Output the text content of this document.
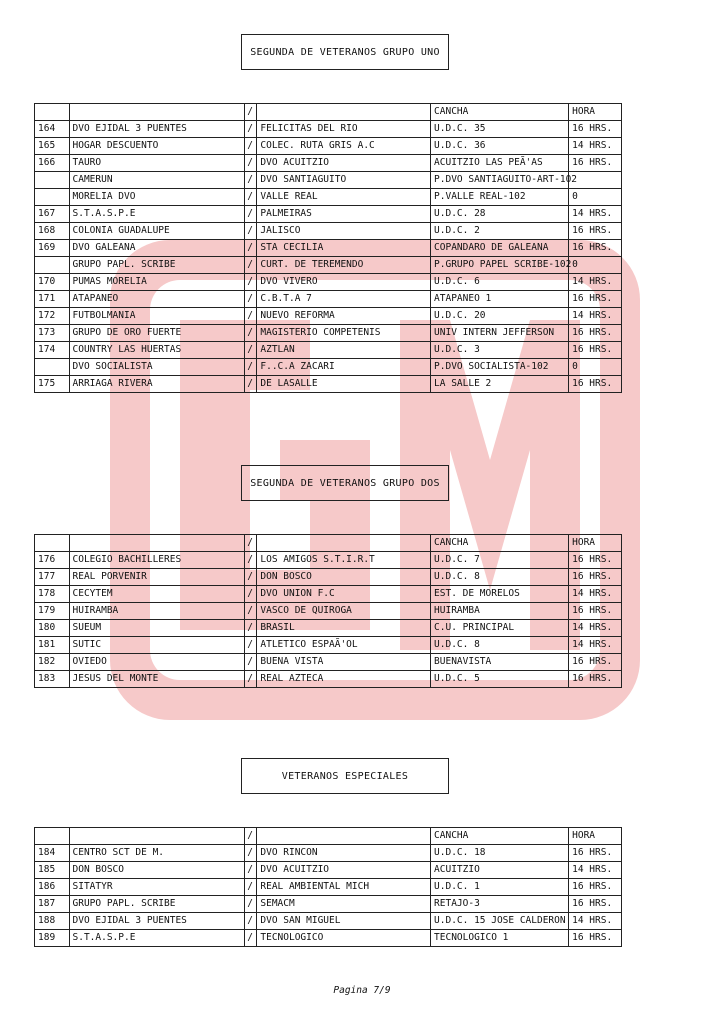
SEGUNDA DE VETERANOS GRUPO UNO
		/		CANCHA	HORA
164	DVO EJIDAL 3 PUENTES	/	FELICITAS DEL RIO	U.D.C. 35	16 HRS.
165	HOGAR DESCUENTO	/	COLEC. RUTA GRIS A.C	U.D.C. 36	14 HRS.
166	TAURO	/	DVO ACUITZIO	ACUITZIO LAS PEÃ'AS	16 HRS.
	CAMERUN	/	DVO SANTIAGUITO	P.DVO SANTIAGUITO-ART-102	
	MORELIA DVO	/	VALLE REAL	P.VALLE REAL-102	0
167	S.T.A.S.P.E	/	PALMEIRAS	U.D.C. 28	14 HRS.
168	COLONIA GUADALUPE	/	JALISCO	U.D.C. 2	16 HRS.
169	DVO GALEANA	/	STA CECILIA	COPANDARO DE GALEANA	16 HRS.
	GRUPO PAPL. SCRIBE	/	CURT. DE TEREMENDO	P.GRUPO PAPEL SCRIBE-102	0
170	PUMAS MORELIA	/	DVO VIVERO	U.D.C. 6	14 HRS.
171	ATAPANEO	/	C.B.T.A 7	ATAPANEO 1	16 HRS.
172	FUTBOLMANIA	/	NUEVO REFORMA	U.D.C. 20	14 HRS.
173	GRUPO DE ORO FUERTE	/	MAGISTERIO COMPETENIS	UNIV INTERN JEFFERSON	16 HRS.
174	COUNTRY LAS HUERTAS	/	AZTLAN	U.D.C. 3	16 HRS.
	DVO SOCIALISTA	/	F..C.A ZACARI	P.DVO SOCIALISTA-102	0
175	ARRIAGA RIVERA	/	DE LASALLE	LA SALLE 2	16 HRS.
SEGUNDA DE VETERANOS GRUPO DOS
		/		CANCHA	HORA
176	COLEGIO BACHILLERES	/	LOS AMIGOS S.T.I.R.T	U.D.C. 7	16 HRS.
177	REAL PORVENIR	/	DON BOSCO	U.D.C. 8	16 HRS.
178	CECYTEM	/	DVO UNION F.C	EST. DE MORELOS	14 HRS.
179	HUIRAMBA	/	VASCO DE QUIROGA	HUIRAMBA	16 HRS.
180	SUEUM	/	BRASIL	C.U. PRINCIPAL	14 HRS.
181	SUTIC	/	ATLETICO ESPAÃ'OL	U.D.C. 8	14 HRS.
182	OVIEDO	/	BUENA VISTA	BUENAVISTA	16 HRS.
183	JESUS DEL MONTE	/	REAL AZTECA	U.D.C. 5	16 HRS.
VETERANOS ESPECIALES
		/		CANCHA	HORA
184	CENTRO SCT DE M.	/	DVO RINCON	U.D.C. 18	16 HRS.
185	DON BOSCO	/	DVO ACUITZIO	ACUITZIO	14 HRS.
186	SITATYR	/	REAL AMBIENTAL MICH	U.D.C. 1	16 HRS.
187	GRUPO PAPL. SCRIBE	/	SEMACM	RETAJO-3	16 HRS.
188	DVO EJIDAL 3 PUENTES	/	DVO SAN MIGUEL	U.D.C. 15 JOSE CALDERON	14 HRS.
189	S.T.A.S.P.E	/	TECNOLOGICO	TECNOLOGICO 1	16 HRS.
Pagina 7/9
